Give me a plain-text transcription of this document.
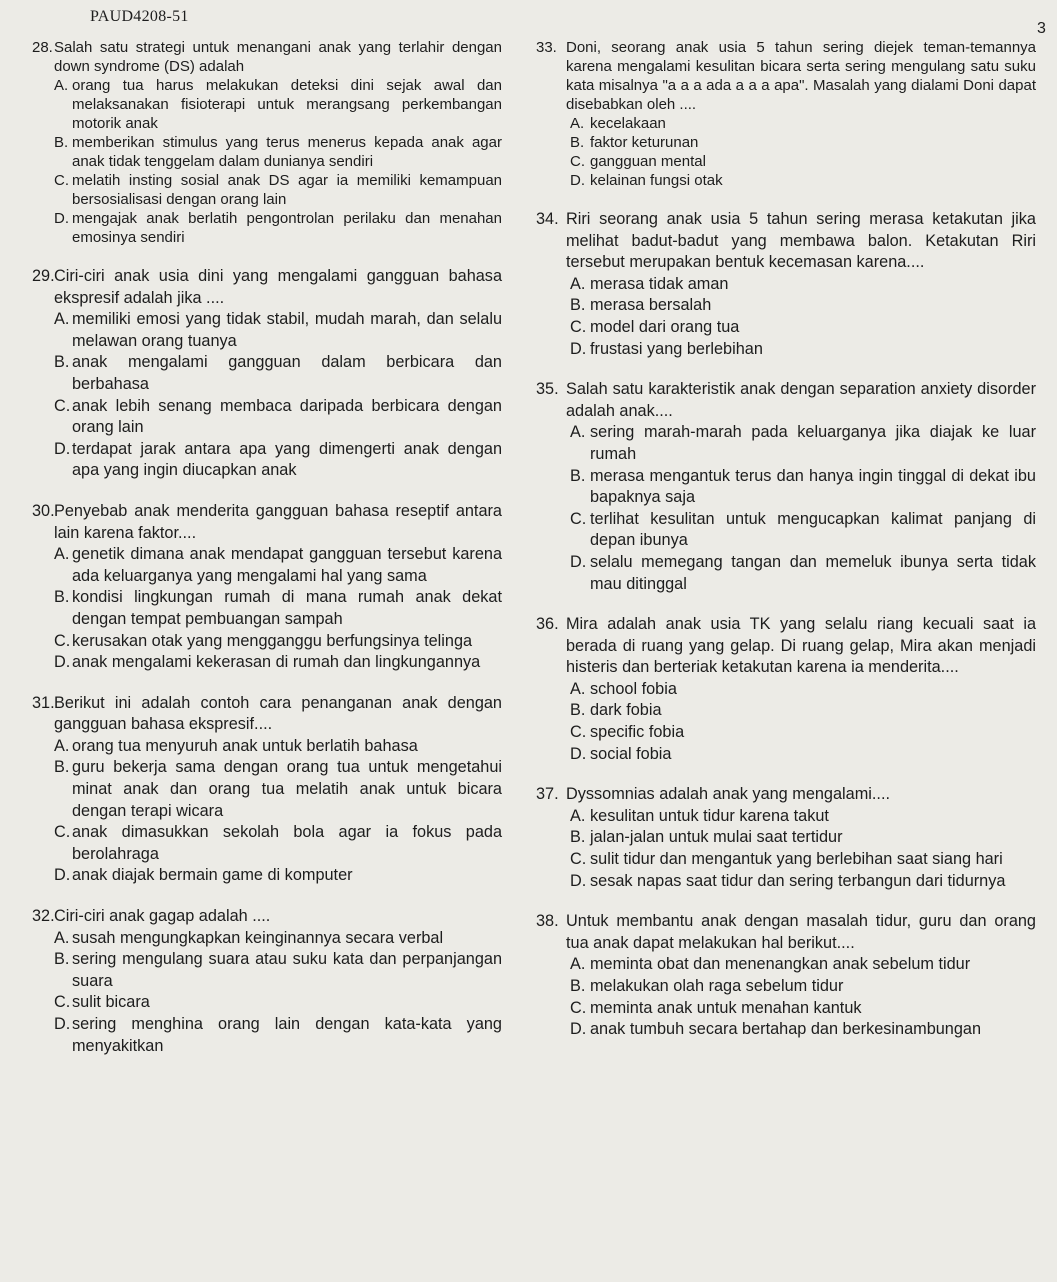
PAUD4208-51
3
28. Salah satu strategi untuk menangani anak yang terlahir dengan down syndrome (DS) adalah
A. orang tua harus melakukan deteksi dini sejak awal dan melaksanakan fisioterapi untuk merangsang perkembangan motorik anak
B. memberikan stimulus yang terus menerus kepada anak agar anak tidak tenggelam dalam dunianya sendiri
C. melatih insting sosial anak DS agar ia memiliki kemampuan bersosialisasi dengan orang lain
D. mengajak anak berlatih pengontrolan perilaku dan menahan emosinya sendiri
29. Ciri-ciri anak usia dini yang mengalami gangguan bahasa ekspresif adalah jika ....
A. memiliki emosi yang tidak stabil, mudah marah, dan selalu melawan orang tuanya
B. anak mengalami gangguan dalam berbicara dan berbahasa
C. anak lebih senang membaca daripada berbicara dengan orang lain
D. terdapat jarak antara apa yang dimengerti anak dengan apa yang ingin diucapkan anak
30. Penyebab anak menderita gangguan bahasa reseptif antara lain karena faktor....
A. genetik dimana anak mendapat gangguan tersebut karena ada keluarganya yang mengalami hal yang sama
B. kondisi lingkungan rumah di mana rumah anak dekat dengan tempat pembuangan sampah
C. kerusakan otak yang mengganggu berfungsinya telinga
D. anak mengalami kekerasan di rumah dan lingkungannya
31. Berikut ini adalah contoh cara penanganan anak dengan gangguan bahasa ekspresif....
A. orang tua menyuruh anak untuk berlatih bahasa
B. guru bekerja sama dengan orang tua untuk mengetahui minat anak dan orang tua melatih anak untuk bicara dengan terapi wicara
C. anak dimasukkan sekolah bola agar ia fokus pada berolahraga
D. anak diajak bermain game di komputer
32. Ciri-ciri anak gagap adalah ....
A. susah mengungkapkan keinginannya secara verbal
B. sering mengulang suara atau suku kata dan perpanjangan suara
C. sulit bicara
D. sering menghina orang lain dengan kata-kata yang menyakitkan
33. Doni, seorang anak usia 5 tahun sering diejek teman-temannya karena mengalami kesulitan bicara serta sering mengulang satu suku kata misalnya "a a a ada a a a apa". Masalah yang dialami Doni dapat disebabkan oleh ....
A. kecelakaan
B. faktor keturunan
C. gangguan mental
D. kelainan fungsi otak
34. Riri seorang anak usia 5 tahun sering merasa ketakutan jika melihat badut-badut yang membawa balon. Ketakutan Riri tersebut merupakan bentuk kecemasan karena....
A. merasa tidak aman
B. merasa bersalah
C. model dari orang tua
D. frustasi yang berlebihan
35. Salah satu karakteristik anak dengan separation anxiety disorder adalah anak....
A. sering marah-marah pada keluarganya jika diajak ke luar rumah
B. merasa mengantuk terus dan hanya ingin tinggal di dekat ibu bapaknya saja
C. terlihat kesulitan untuk mengucapkan kalimat panjang di depan ibunya
D. selalu memegang tangan dan memeluk ibunya serta tidak mau ditinggal
36. Mira adalah anak usia TK yang selalu riang kecuali saat ia berada di ruang yang gelap. Di ruang gelap, Mira akan menjadi histeris dan berteriak ketakutan karena ia menderita....
A. school fobia
B. dark fobia
C. specific fobia
D. social fobia
37. Dyssomnias adalah anak yang mengalami....
A. kesulitan untuk tidur karena takut
B. jalan-jalan untuk mulai saat tertidur
C. sulit tidur dan mengantuk yang berlebihan saat siang hari
D. sesak napas saat tidur dan sering terbangun dari tidurnya
38. Untuk membantu anak dengan masalah tidur, guru dan orang tua anak dapat melakukan hal berikut....
A. meminta obat dan menenangkan anak sebelum tidur
B. melakukan olah raga sebelum tidur
C. meminta anak untuk menahan kantuk
D. anak tumbuh secara bertahap dan berkesinambungan
